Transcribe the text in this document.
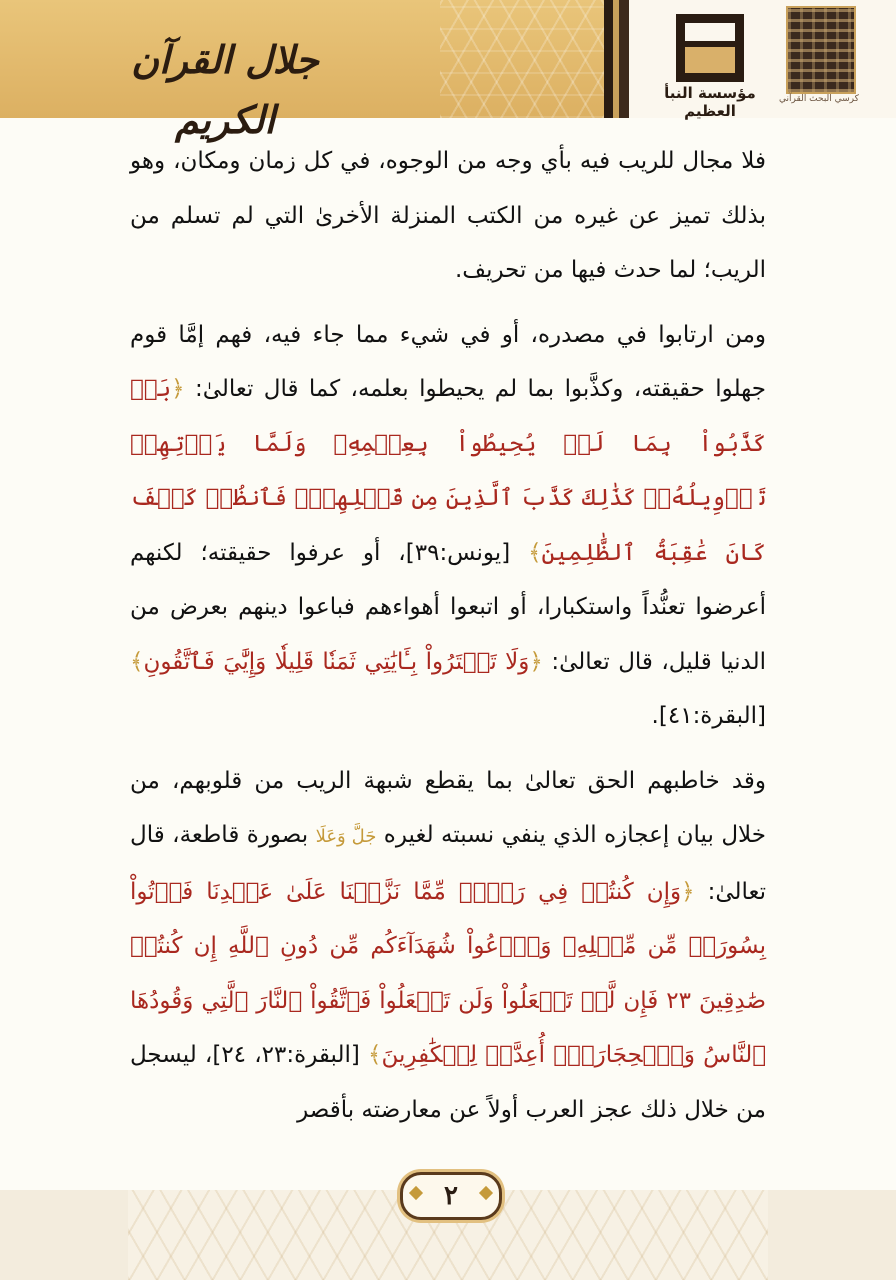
جلال القرآن الكريم
مؤسسة النبأ العظيم
كرسي البحث القرآني

فلا مجال للريب فيه بأي وجه من الوجوه، في كل زمان ومكان، وهو بذلك تميز عن غيره من الكتب المنزلة الأخرىٰ التي لم تسلم من الريب؛ لما حدث فيها من تحريف.

ومن ارتابوا في مصدره، أو في شيء مما جاء فيه، فهم إمَّا قوم جهلوا حقيقته، وكذَّبوا بما لم يحيطوا بعلمه، كما قال تعالىٰ: ﴿بَلۡ كَذَّبُواْ بِمَا لَمۡ يُحِيطُواْ بِعِلۡمِهِۦ وَلَمَّا يَأۡتِهِمۡ تَأۡوِيلُهُۥۚ كَذَٰلِكَ كَذَّبَ ٱلَّذِينَ مِن قَبۡلِهِمۡۖ فَٱنظُرۡ كَيۡفَ كَانَ عَٰقِبَةُ ٱلظَّٰلِمِينَ﴾ [يونس:٣٩]، أو عرفوا حقيقته؛ لكنهم أعرضوا تعنُّداً واستكبارا، أو اتبعوا أهواءهم فباعوا دينهم بعرض من الدنيا قليل، قال تعالىٰ: ﴿وَلَا تَشۡتَرُواْ بِـَٔايَٰتِي ثَمَنٗا قَلِيلٗا وَإِيَّٰيَ فَٱتَّقُونِ﴾ [البقرة:٤١].

وقد خاطبهم الحق تعالىٰ بما يقطع شبهة الريب من قلوبهم، من خلال بيان إعجازه الذي ينفي نسبته لغيره جَلَّ وَعَلَا بصورة قاطعة، قال تعالىٰ: ﴿وَإِن كُنتُمۡ فِي رَيۡبٖ مِّمَّا نَزَّلۡنَا عَلَىٰ عَبۡدِنَا فَأۡتُواْ بِسُورَةٖ مِّن مِّثۡلِهِۦ وَٱدۡعُواْ شُهَدَآءَكُم مِّن دُونِ ٱللَّهِ إِن كُنتُمۡ صَٰدِقِينَ ٢٣ فَإِن لَّمۡ تَفۡعَلُواْ وَلَن تَفۡعَلُواْ فَٱتَّقُواْ ٱلنَّارَ ٱلَّتِي وَقُودُهَا ٱلنَّاسُ وَٱلۡحِجَارَةُۖ أُعِدَّتۡ لِلۡكَٰفِرِينَ﴾ [البقرة:٢٣، ٢٤]، ليسجل من خلال ذلك عجز العرب أولاً عن معارضته بأقصر

٢
